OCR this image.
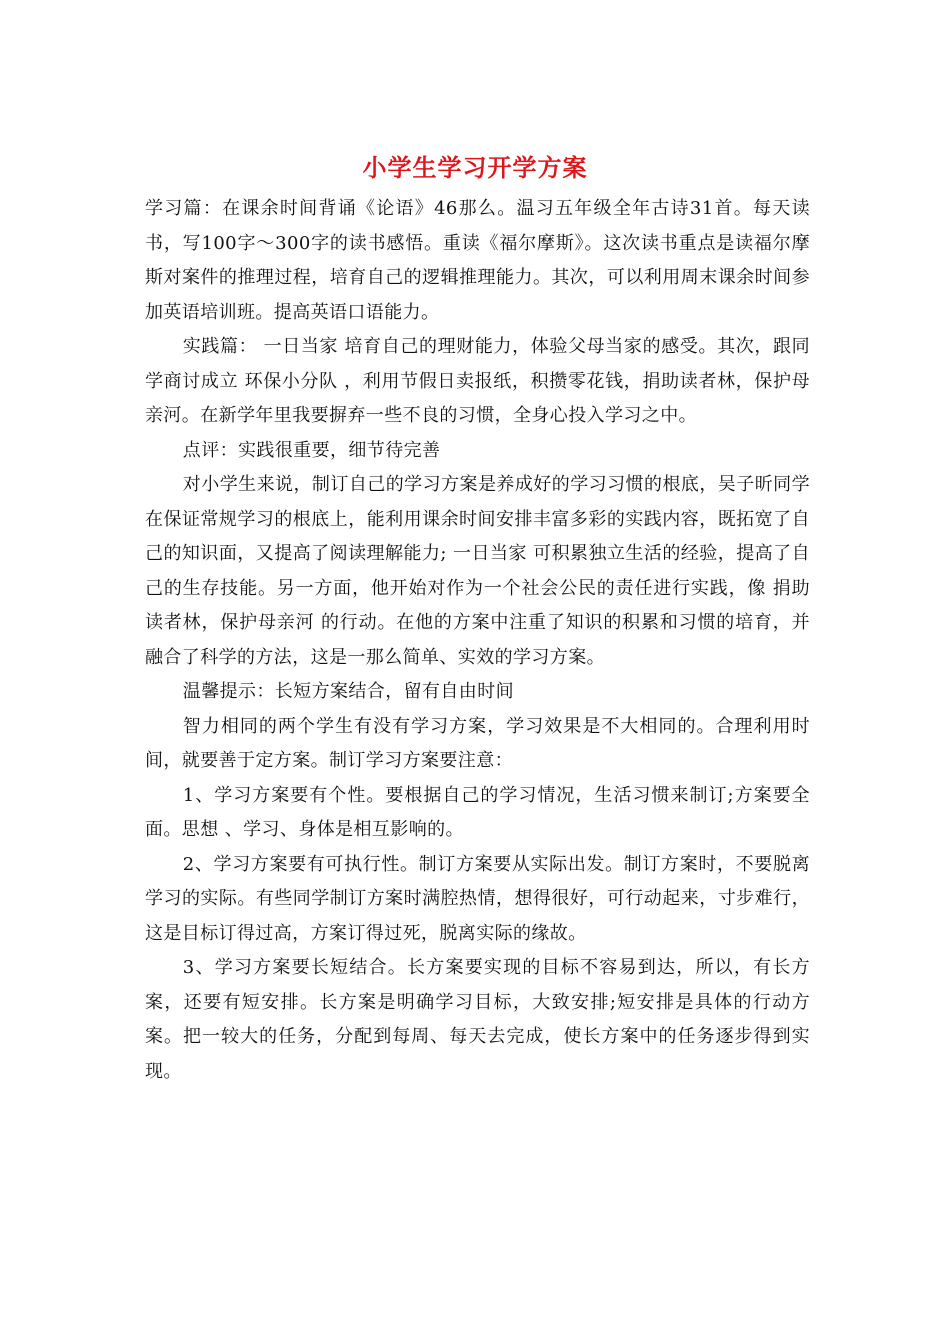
小学生学习开学方案

学习篇：在课余时间背诵《论语》46那么。温习五年级全年古诗31首。每天读书，写100字～300字的读书感悟。重读《福尔摩斯》。这次读书重点是读福尔摩斯对案件的推理过程，培育自己的逻辑推理能力。其次，可以利用周末课余时间参加英语培训班。提高英语口语能力。

实践篇： 一日当家 培育自己的理财能力，体验父母当家的感受。其次，跟同学商讨成立 环保小分队 ，利用节假日卖报纸，积攒零花钱，捐助读者林，保护母亲河。在新学年里我要摒弃一些不良的习惯，全身心投入学习之中。

点评：实践很重要，细节待完善

对小学生来说，制订自己的学习方案是养成好的学习习惯的根底，吴子昕同学在保证常规学习的根底上，能利用课余时间安排丰富多彩的实践内容，既拓宽了自己的知识面，又提高了阅读理解能力; 一日当家 可积累独立生活的经验，提高了自己的生存技能。另一方面，他开始对作为一个社会公民的责任进行实践，像 捐助读者林，保护母亲河 的行动。在他的方案中注重了知识的积累和习惯的培育，并融合了科学的方法，这是一那么简单、实效的学习方案。

温馨提示：长短方案结合，留有自由时间

智力相同的两个学生有没有学习方案，学习效果是不大相同的。合理利用时间，就要善于定方案。制订学习方案要注意：

1、学习方案要有个性。要根据自己的学习情况，生活习惯来制订;方案要全面。思想 、学习、身体是相互影响的。

2、学习方案要有可执行性。制订方案要从实际出发。制订方案时，不要脱离学习的实际。有些同学制订方案时满腔热情，想得很好，可行动起来，寸步难行，这是目标订得过高，方案订得过死，脱离实际的缘故。

3、学习方案要长短结合。长方案要实现的目标不容易到达，所以，有长方案，还要有短安排。长方案是明确学习目标，大致安排;短安排是具体的行动方案。把一较大的任务，分配到每周、每天去完成，使长方案中的任务逐步得到实现。
